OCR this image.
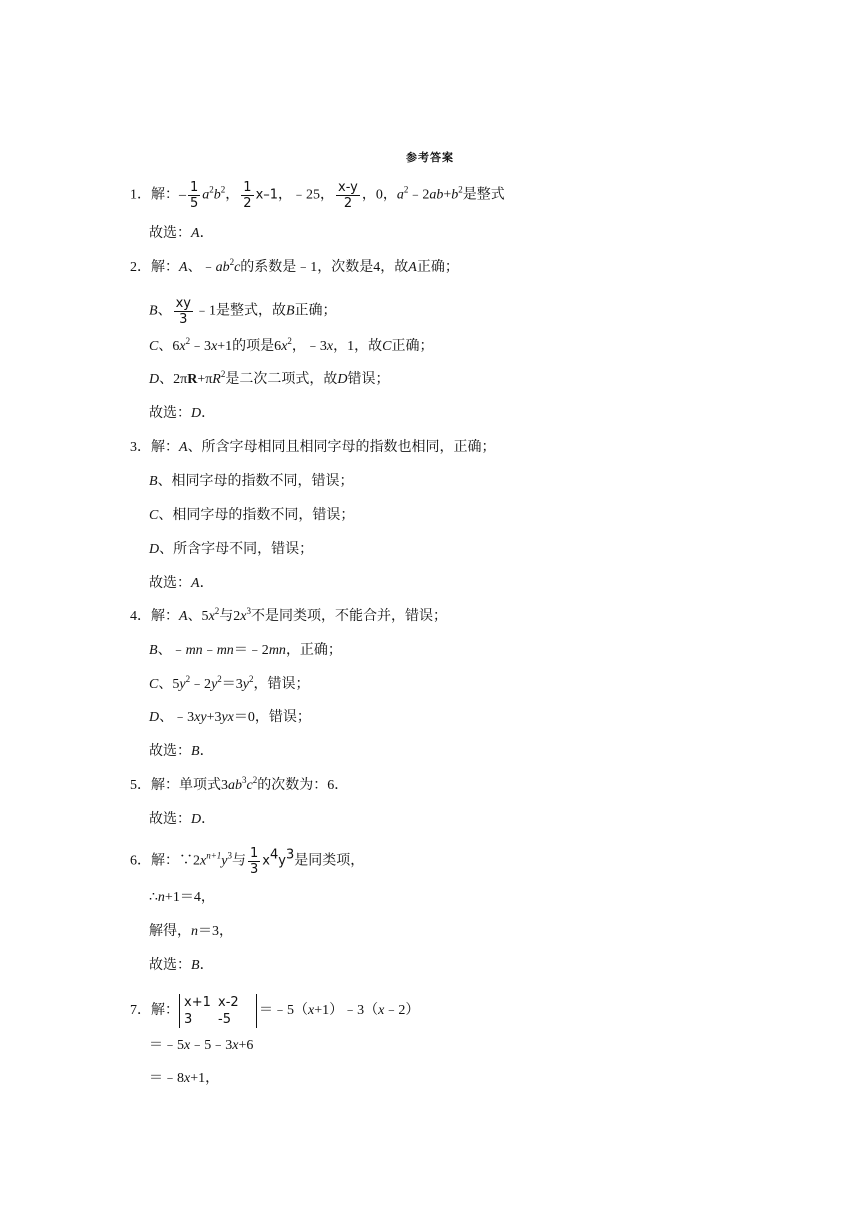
参考答案
1．解：– $\frac{1}{5} a^2b^2$， $\frac{1}{2} x-1$，﹣25， $\frac{x-y}{2}$ ，0，$a^2﹣2ab+b^2$是整式
故选：A．
2．解：A、$﹣ab^2c$的系数是﹣1，次数是4，故A正确；
B、 $\frac{xy}{3}$ ﹣1是整式，故B正确；
C、$6x^2﹣3x+1$的项是$6x^2$，﹣3x，1，故C正确；
D、$2\pi R+\pi R^2$是二次二项式，故D错误；
故选：D．
3．解：A、所含字母相同且相同字母的指数也相同，正确；
B、相同字母的指数不同，错误；
C、相同字母的指数不同，错误；
D、所含字母不同，错误；
故选：A．
4．解：A、$5x^2$与$2x^3$不是同类项，不能合并，错误；
B、﹣mn﹣mn＝﹣2mn，正确；
C、$5y^2﹣2y^2=3y^2$，错误；
D、﹣3xy+3yx＝0，错误；
故选：B．
5．解：单项式$3ab^3c^2$的次数为：6．
故选：D．
6．解：$\because 2x^{n+1}y^3$与 $\frac{1}{3} x^4y^3$是同类项，
∴n+1＝4，
解得，n＝3，
故选：B．
7．解：x+1 x-2
3 -5＝﹣5（x+1）﹣3（x﹣2）
＝﹣5x﹣5﹣3x+6
＝﹣8x+1，
